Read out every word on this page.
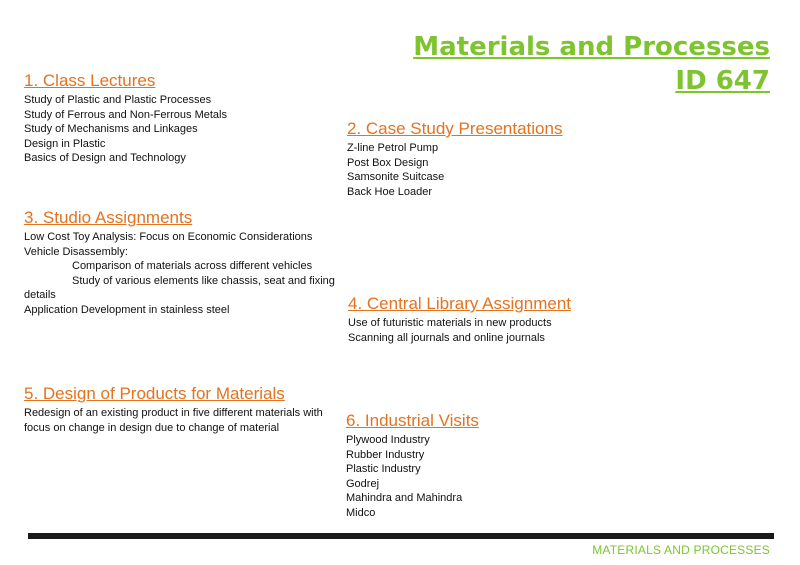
Materials and Processes
ID 647
1. Class Lectures
Study of Plastic and Plastic Processes
Study of Ferrous and Non-Ferrous Metals
Study of Mechanisms and Linkages
Design in Plastic
Basics of Design and Technology
2. Case Study Presentations
Z-line Petrol Pump
Post Box Design
Samsonite Suitcase
Back Hoe Loader
3. Studio Assignments
Low Cost Toy Analysis: Focus on Economic Considerations
Vehicle Disassembly:
Comparison of materials across different vehicles
Study of various elements like chassis, seat and fixing details
Application Development in stainless steel	4. Central Library Assignment
Use of futuristic materials in new products
Scanning all journals and online journals
5. Design of Products for Materials
Redesign of an existing product in five different materials with focus on change in design due to change of material	6. Industrial Visits
Plywood Industry
Rubber Industry
Plastic Industry
Godrej
Mahindra and Mahindra
Midco
MATERIALS AND PROCESSES
